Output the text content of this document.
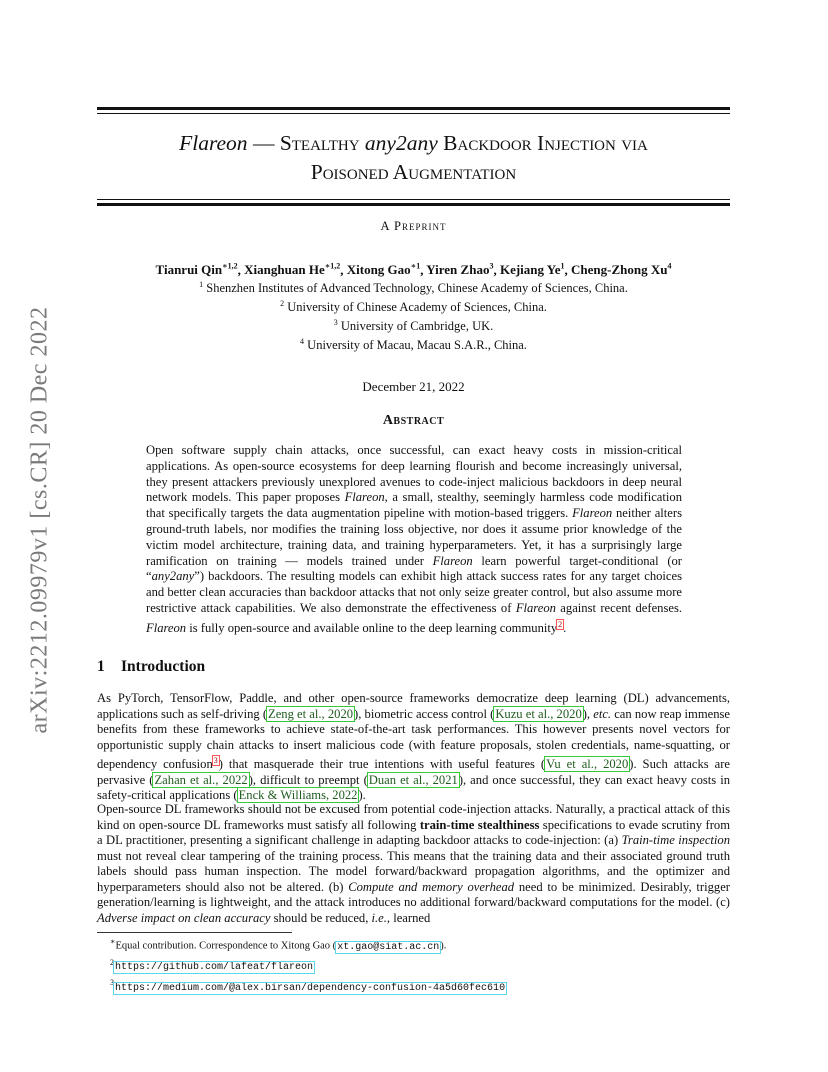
arXiv:2212.09979v1 [cs.CR] 20 Dec 2022
Flareon — Stealthy any2any Backdoor Injection via
Poisoned Augmentation
A Preprint
Tianrui Qin$^{∗1,2}$, Xianghuan $He^{∗1,2}$, Xitong Gao$^{∗1}$, Yiren Zhao$^3$, Kejiang Ye$^1$, Cheng-Zhong Xu$^4$
$^1$ Shenzhen Institutes of Advanced Technology, Chinese Academy of Sciences, China.
$^2$ University of Chinese Academy of Sciences, China.
$^3$ University of Cambridge, UK.
$^4$ University of Macau, Macau S.A.R., China.
December 21, 2022
Abstract

Open software supply chain attacks, once successful, can exact heavy costs in mission-critical applications. As open-source ecosystems for deep learning flourish and become increasingly universal, they present attackers previously unexplored avenues to code-inject malicious backdoors in deep neural network models. This paper proposes Flareon, a small, stealthy, seemingly harmless code modification that specifically targets the data augmentation pipeline with motion-based triggers. Flareon neither alters ground-truth labels, nor modifies the training loss objective, nor does it assume prior knowledge of the victim model architecture, training data, and training hyperparameters. Yet, it has a surprisingly large ramification on training — models trained under Flareon learn powerful target-conditional (or “any2any”) backdoors. The resulting models can exhibit high attack success rates for any target choices and better clean accuracies than backdoor attacks that not only seize greater control, but also assume more restrictive attack capabilities. We also demonstrate the effectiveness of Flareon against recent defenses. Flareon is fully open-source and available online to the deep learning community$^2$.

1 Introduction

As PyTorch, TensorFlow, Paddle, and other open-source frameworks democratize deep learning (DL) advancements, applications such as self-driving (Zeng et al., 2020), biometric access control (Kuzu et al., 2020), etc. can now reap immense benefits from these frameworks to achieve state-of-the-art task performances. This however presents novel vectors for opportunistic supply chain attacks to insert malicious code (with feature proposals, stolen credentials, name-squatting, or dependency confusion$^3$) that masquerade their true intentions with useful features (Vu et al., 2020). Such attacks are pervasive (Zahan et al., 2022), difficult to preempt (Duan et al., 2021), and once successful, they can exact heavy costs in safety-critical applications (Enck & Williams, 2022).

Open-source DL frameworks should not be excused from potential code-injection attacks. Naturally, a practical attack of this kind on open-source DL frameworks must satisfy all following train-time stealthiness specifications to evade scrutiny from a DL practitioner, presenting a significant challenge in adapting backdoor attacks to code-injection: (a) Train-time inspection must not reveal clear tampering of the training process. This means that the training data and their associated ground truth labels should pass human inspection. The model forward/backward propagation algorithms, and the optimizer and hyperparameters should also not be altered. (b) Compute and memory overhead need to be minimized. Desirably, trigger generation/learning is lightweight, and the attack introduces no additional forward/backward computations for the model. (c) Adverse impact on clean accuracy should be reduced, i.e., learned

∗Equal contribution. Correspondence to Xitong Gao (xt.gao@siat.ac.cn).
$^2$https://github.com/lafeat/flareon
$^3$https://medium.com/@alex.birsan/dependency-confusion-4a5d60fec610
